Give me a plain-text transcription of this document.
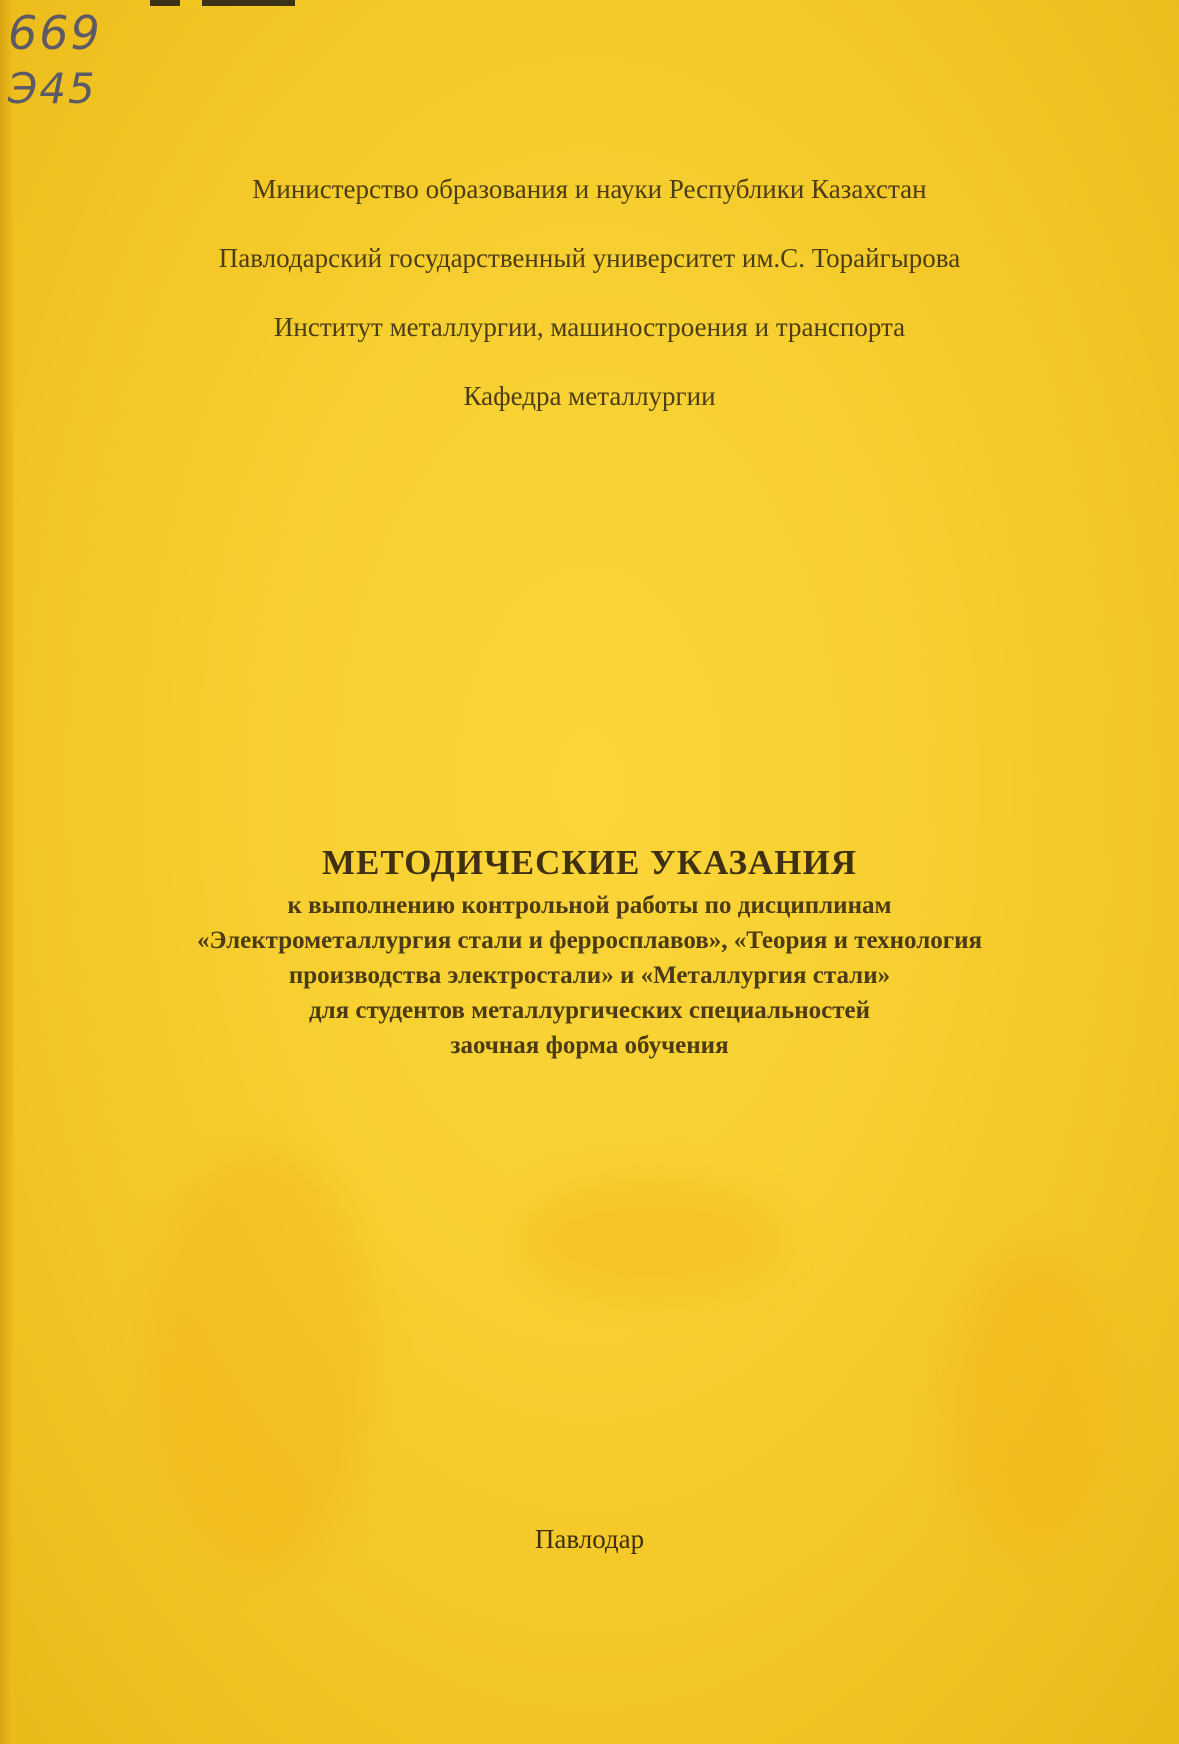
669
Э45
Министерство образования и науки Республики Казахстан
Павлодарский государственный университет им.С. Торайгырова
Институт металлургии, машиностроения и транспорта
Кафедра металлургии
МЕТОДИЧЕСКИЕ УКАЗАНИЯ
к выполнению контрольной работы по дисциплинам
«Электрометаллургия стали и ферросплавов», «Теория и технология
производства электростали» и «Металлургия стали»
для студентов металлургических специальностей
заочная форма обучения
Павлодар
